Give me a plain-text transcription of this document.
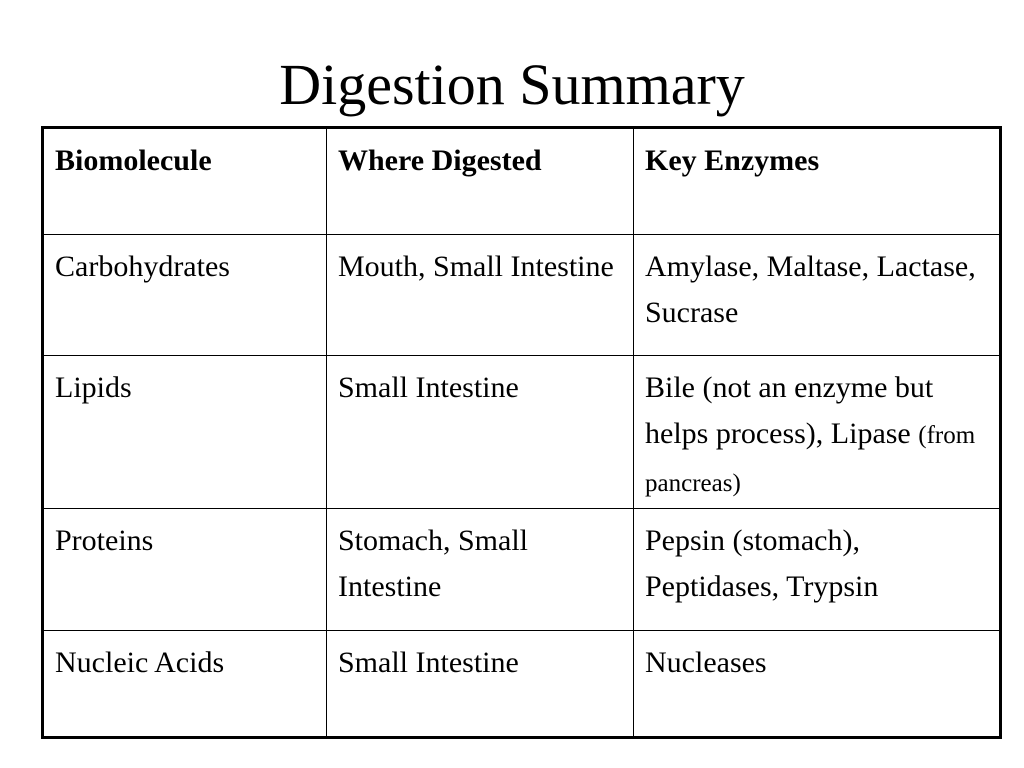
Digestion Summary
Biomolecule	Where Digested	Key Enzymes
Carbohydrates	Mouth, Small Intestine	Amylase, Maltase, Lactase, Sucrase
Lipids	Small Intestine	Bile (not an enzyme but helps process), Lipase (from pancreas)
Proteins	Stomach, Small Intestine	Pepsin (stomach), Peptidases, Trypsin
Nucleic Acids	Small Intestine	Nucleases
